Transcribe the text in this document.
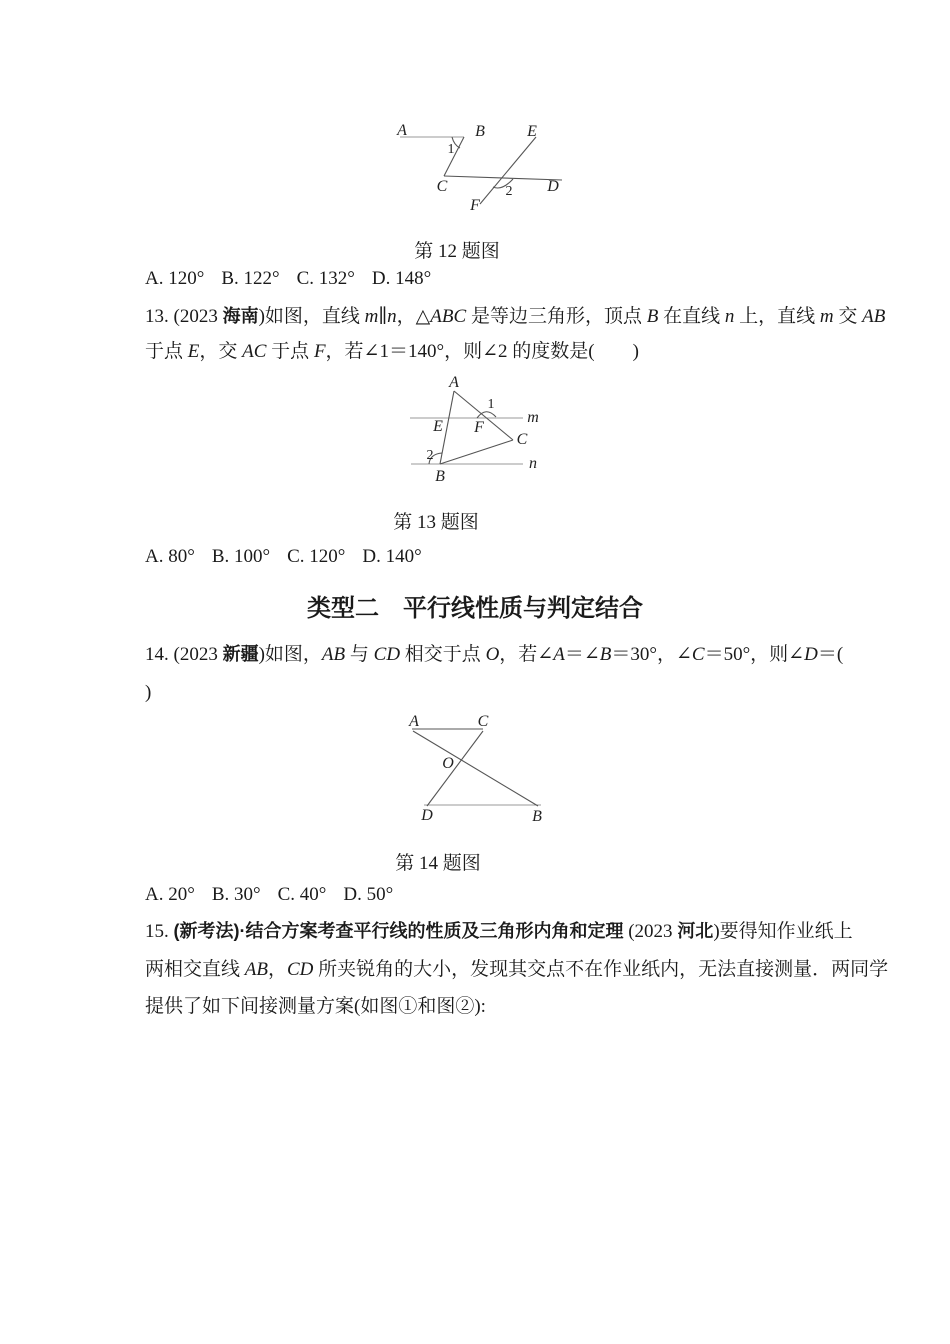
A	B	E
1
C	D
F
2
第 12 题图
A. 120° B. 122° C. 132° D. 148°
13. (2023 海南)如图，直线 m∥n，△ABC 是等边三角形，顶点 B 在直线 n 上，直线 m 交 AB
于点 E，交 AC 于点 F，若∠1＝140°，则∠2 的度数是(　　)
A
1
m
E F
C
2	n
B
第 13 题图
A. 80° B. 100° C. 120° D. 140°
类型二　平行线性质与判定结合
14. (2023 新疆)如图，AB 与 CD 相交于点 O，若∠A＝∠B＝30°，∠C＝50°，则∠D＝(
)
A	C
O
D	B
第 14 题图
A. 20° B. 30° C. 40° D. 50°
15. (新考法)·结合方案考查平行线的性质及三角形内角和定理 (2023 河北)要得知作业纸上
两相交直线 AB，CD 所夹锐角的大小，发现其交点不在作业纸内，无法直接测量．两同学
提供了如下间接测量方案(如图①和图②):
